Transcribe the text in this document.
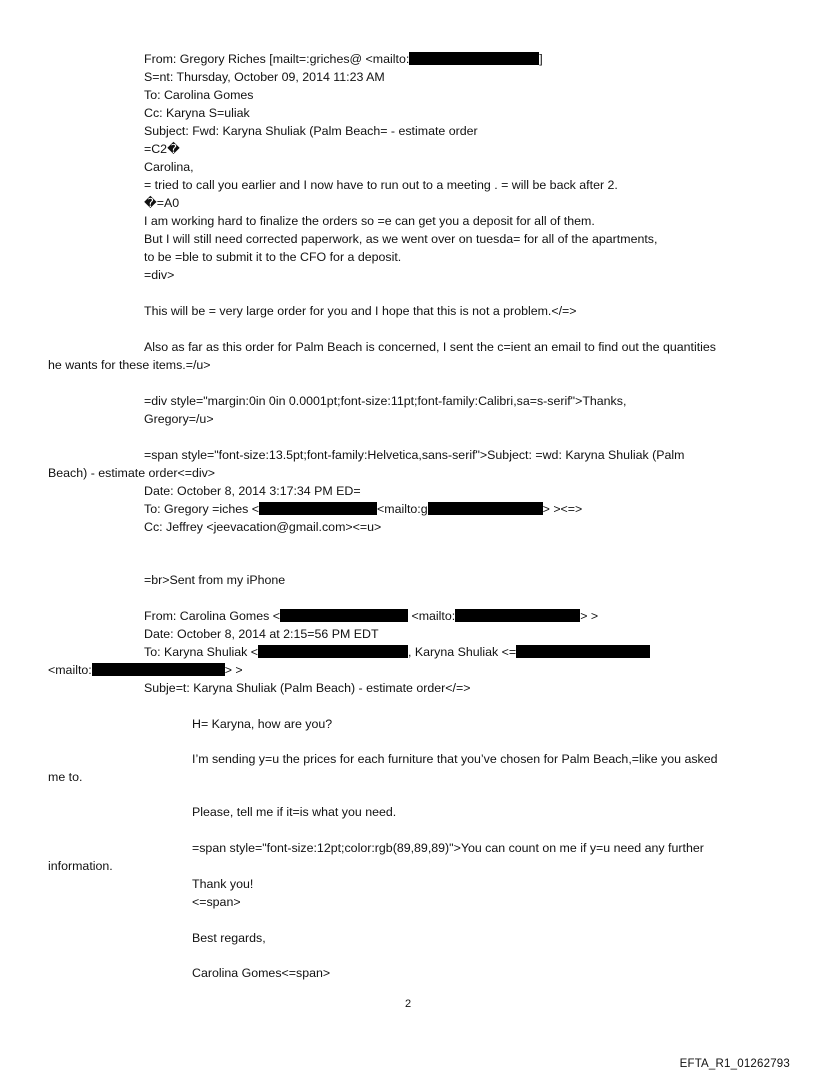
From: Gregory Riches [mailt=:griches@ <mailto:	]
S=nt: Thursday, October 09, 2014 11:23 AM
To: Carolina Gomes
Cc: Karyna S=uliak
Subject: Fwd: Karyna Shuliak (Palm Beach= - estimate order
=C2�
Carolina,
= tried to call you earlier and I now have to run out to a meeting . = will be back after 2.
�=A0
I am working hard to finalize the orders so =e can get you a deposit for all of them.
But I will still need corrected paperwork, as we went over on tuesda= for all of the apartments,
to be =ble to submit it to the CFO for a deposit.
=div>
This will be = very large order for you and I hope that this is not a problem.</=>
Also as far as this order for Palm Beach is concerned, I sent the c=ient an email to find out the quantities
he wants for these items.=/u>
=div style="margin:0in 0in 0.0001pt;font-size:11pt;font-family:Calibri,sa=s-serif">Thanks,
Gregory=/u>
=span style="font-size:13.5pt;font-family:Helvetica,sans-serif">Subject: =wd: Karyna Shuliak (Palm
Beach) - estimate order<=div>
Date: October 8, 2014 3:17:34 PM ED=
To: Gregory =iches <	<mailto:g	> ><=>
Cc: Jeffrey <jeevacation@gmail.com><=u>
=br>Sent from my iPhone
From: Carolina Gomes <	<mailto:	> >
Date: October 8, 2014 at 2:15=56 PM EDT
To: Karyna Shuliak <	, Karyna Shuliak <=
<mailto:	> >
Subje=t: Karyna Shuliak (Palm Beach) - estimate order</=>
H= Karyna, how are you?
I’m sending y=u the prices for each furniture that you’ve chosen for Palm Beach,=like you asked
me to.
Please, tell me if it=is what you need.
=span style="font-size:12pt;color:rgb(89,89,89)">You can count on me if y=u need any further
information.
Thank you!
<=span>
Best regards,
Carolina Gomes<=span>
2
EFTA_R1_01262793
